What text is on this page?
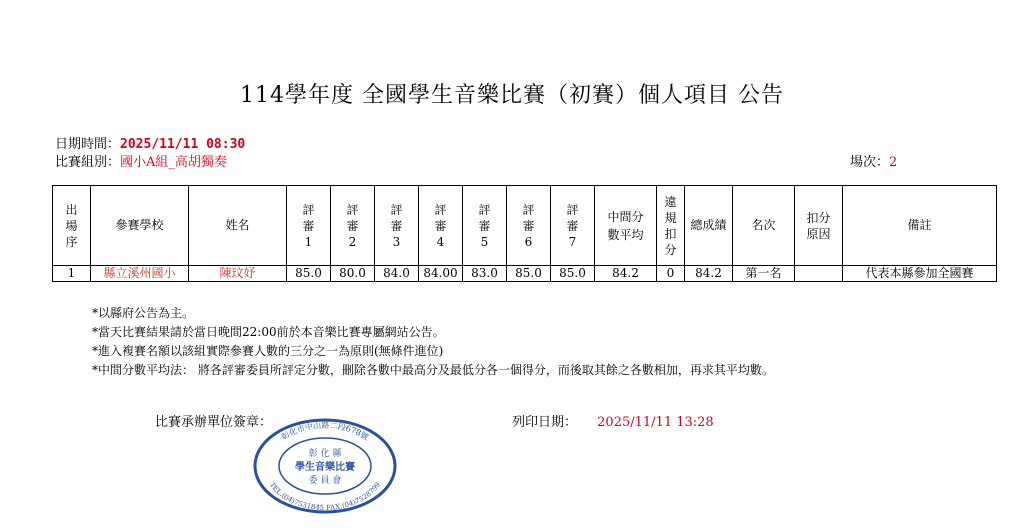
114學年度 全國學生音樂比賽（初賽）個人項目 公告
日期時間：2025/11/11 08:30
比賽組別：國小A組_高胡獨奏	場次：2
出場序	參賽學校	姓名	評審1	評審2	評審3	評審4	評審5	評審6	評審7	中間分數平均	違規扣分	總成績	名次	扣分原因	備註
1	縣立溪州國小	陳玟妤	85.0	80.0	84.0	84.00	83.0	85.0	85.0	84.2	0	84.2	第一名		代表本縣參加全國賽
*以縣府公告為主。
*當天比賽結果請於當日晚間22:00前於本音樂比賽專屬網站公告。
*進入複賽名額以該組實際參賽人數的三分之一為原則(無條件進位)
*中間分數平均法： 將各評審委員所評定分數，刪除各數中最高分及最低分各一個得分，而後取其餘之各數相加，再求其平均數。
比賽承辦單位簽章：	列印日期： 2025/11/11 13:28
彰化市中山路二段678號
TEL.(04)7531845 FAX.(04)7528799
彰 化 縣
學生音樂比賽
委 員 會
